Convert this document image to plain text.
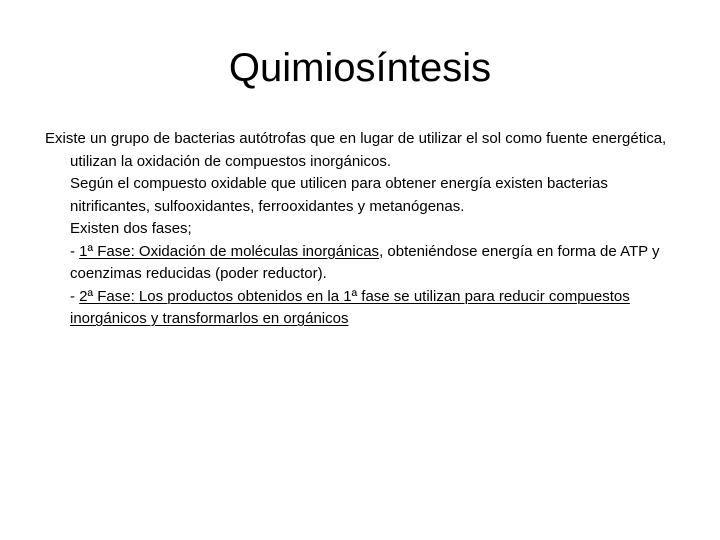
Quimiosíntesis

Existe un grupo de bacterias autótrofas que en lugar de utilizar el sol como fuente energética, utilizan la oxidación de compuestos inorgánicos.

Según el compuesto oxidable que utilicen para obtener energía existen bacterias nitrificantes, sulfooxidantes, ferrooxidantes y metanógenas.

Existen dos fases;

- 1ª Fase: Oxidación de moléculas inorgánicas, obteniéndose energía en forma de ATP y coenzimas reducidas (poder reductor).

- 2ª Fase: Los productos obtenidos en la 1ª fase se utilizan para reducir compuestos inorgánicos y transformarlos en orgánicos
